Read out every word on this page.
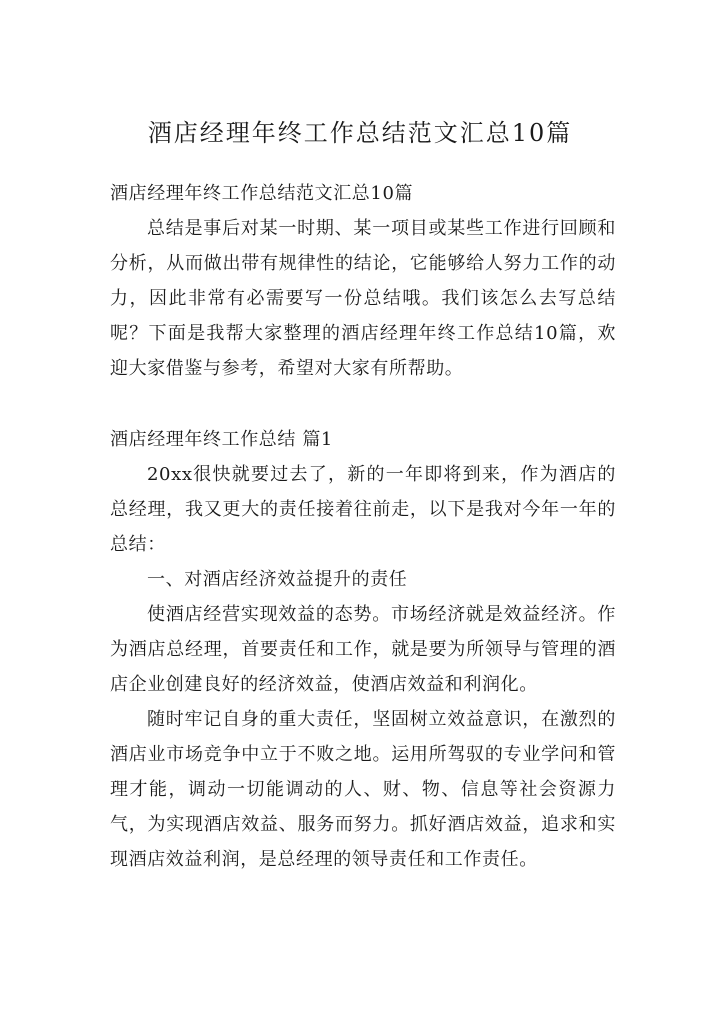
酒店经理年终工作总结范文汇总10篇

酒店经理年终工作总结范文汇总10篇

总结是事后对某一时期、某一项目或某些工作进行回顾和分析，从而做出带有规律性的结论，它能够给人努力工作的动力，因此非常有必需要写一份总结哦。我们该怎么去写总结呢？下面是我帮大家整理的酒店经理年终工作总结10篇，欢迎大家借鉴与参考，希望对大家有所帮助。

酒店经理年终工作总结 篇1

20xx很快就要过去了，新的一年即将到来，作为酒店的总经理，我又更大的责任接着往前走，以下是我对今年一年的总结：

一、对酒店经济效益提升的责任

使酒店经营实现效益的态势。市场经济就是效益经济。作为酒店总经理，首要责任和工作，就是要为所领导与管理的酒店企业创建良好的经济效益，使酒店效益和利润化。

随时牢记自身的重大责任，坚固树立效益意识，在激烈的酒店业市场竞争中立于不败之地。运用所驾驭的专业学问和管理才能，调动一切能调动的人、财、物、信息等社会资源力气，为实现酒店效益、服务而努力。抓好酒店效益，追求和实现酒店效益利润，是总经理的领导责任和工作责任。
